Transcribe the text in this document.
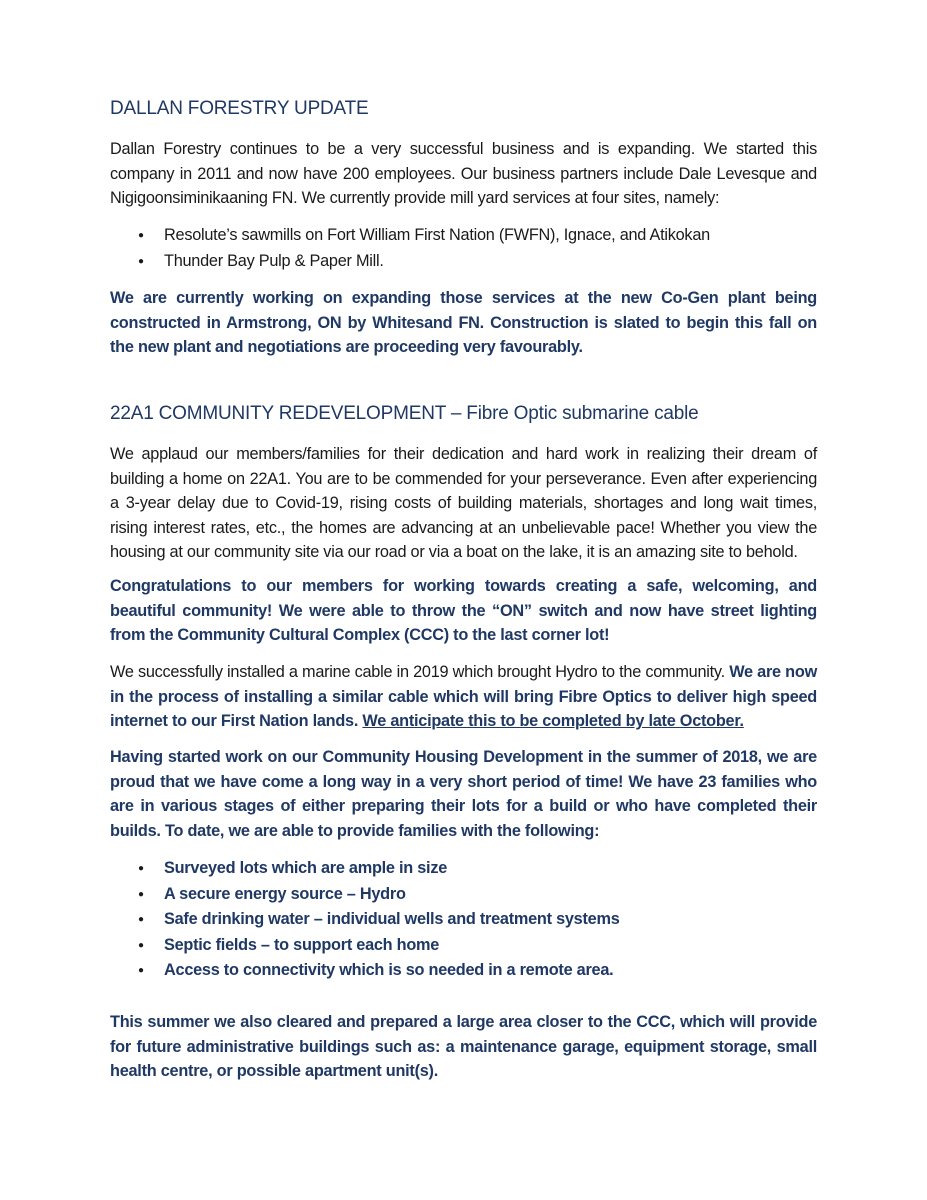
DALLAN FORESTRY UPDATE

Dallan Forestry continues to be a very successful business and is expanding. We started this company in 2011 and now have 200 employees. Our business partners include Dale Levesque and Nigigoonsiminikaaning FN. We currently provide mill yard services at four sites, namely:

● Resolute’s sawmills on Fort William First Nation (FWFN), Ignace, and Atikokan
● Thunder Bay Pulp & Paper Mill.

We are currently working on expanding those services at the new Co-Gen plant being constructed in Armstrong, ON by Whitesand FN. Construction is slated to begin this fall on the new plant and negotiations are proceeding very favourably.

22A1 COMMUNITY REDEVELOPMENT – Fibre Optic submarine cable

We applaud our members/families for their dedication and hard work in realizing their dream of building a home on 22A1. You are to be commended for your perseverance. Even after experiencing a 3-year delay due to Covid-19, rising costs of building materials, shortages and long wait times, rising interest rates, etc., the homes are advancing at an unbelievable pace! Whether you view the housing at our community site via our road or via a boat on the lake, it is an amazing site to behold.

Congratulations to our members for working towards creating a safe, welcoming, and beautiful community! We were able to throw the “ON” switch and now have street lighting from the Community Cultural Complex (CCC) to the last corner lot!

We successfully installed a marine cable in 2019 which brought Hydro to the community. We are now in the process of installing a similar cable which will bring Fibre Optics to deliver high speed internet to our First Nation lands. We anticipate this to be completed by late October.

Having started work on our Community Housing Development in the summer of 2018, we are proud that we have come a long way in a very short period of time! We have 23 families who are in various stages of either preparing their lots for a build or who have completed their builds. To date, we are able to provide families with the following:

● Surveyed lots which are ample in size
● A secure energy source – Hydro
● Safe drinking water – individual wells and treatment systems
● Septic fields – to support each home
● Access to connectivity which is so needed in a remote area.

This summer we also cleared and prepared a large area closer to the CCC, which will provide for future administrative buildings such as: a maintenance garage, equipment storage, small health centre, or possible apartment unit(s).
